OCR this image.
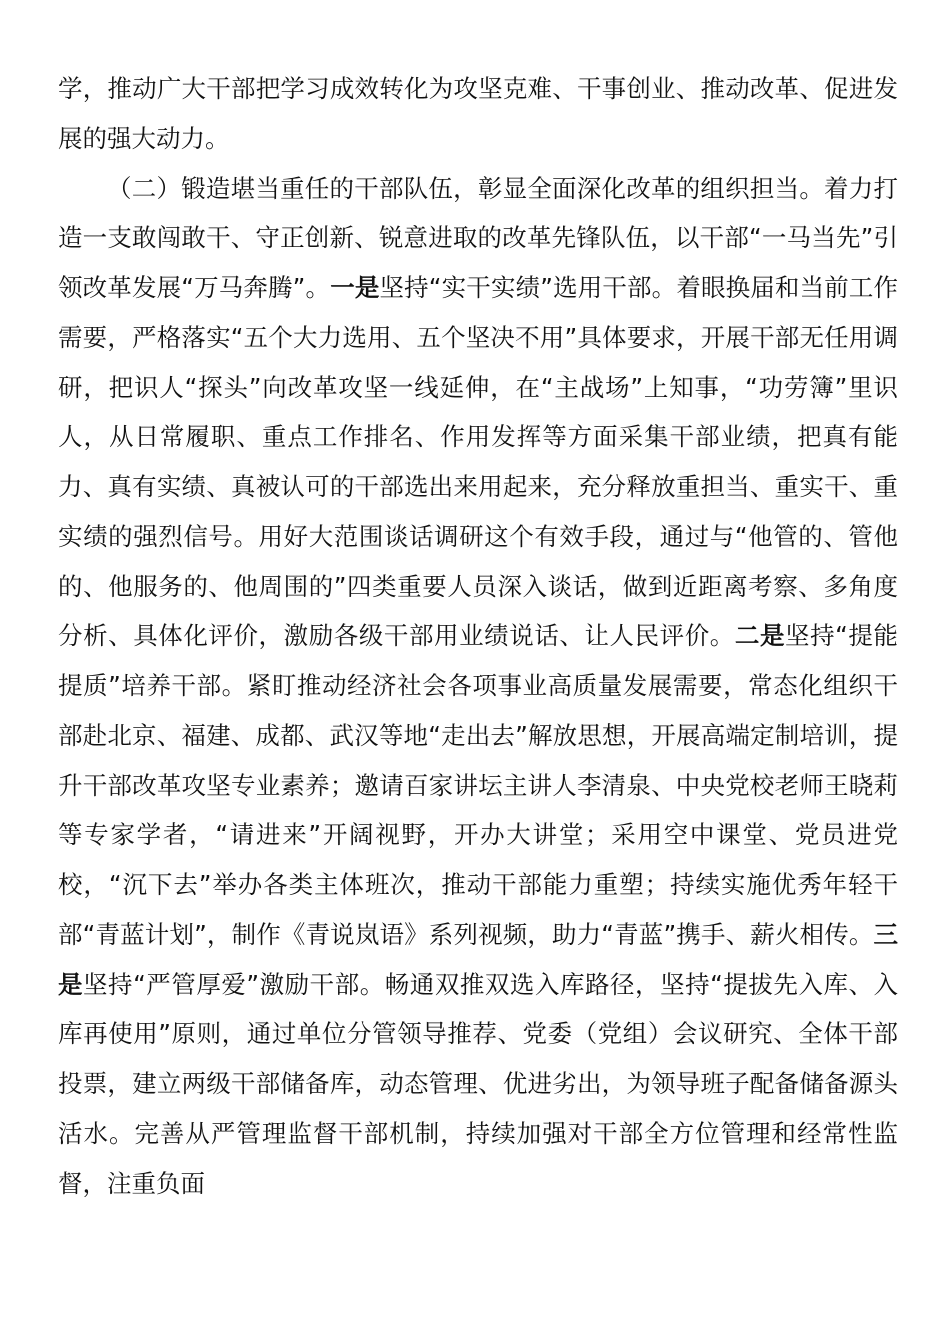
学，推动广大干部把学习成效转化为攻坚克难、干事创业、推动改革、促进发展的强大动力。

（二）锻造堪当重任的干部队伍，彰显全面深化改革的组织担当。着力打造一支敢闯敢干、守正创新、锐意进取的改革先锋队伍，以干部“一马当先”引领改革发展“万马奔腾”。一是坚持“实干实绩”选用干部。着眼换届和当前工作需要，严格落实“五个大力选用、五个坚决不用”具体要求，开展干部无任用调研，把识人“探头”向改革攻坚一线延伸，在“主战场”上知事，“功劳簿”里识人，从日常履职、重点工作排名、作用发挥等方面采集干部业绩，把真有能力、真有实绩、真被认可的干部选出来用起来，充分释放重担当、重实干、重实绩的强烈信号。用好大范围谈话调研这个有效手段，通过与“他管的、管他的、他服务的、他周围的”四类重要人员深入谈话，做到近距离考察、多角度分析、具体化评价，激励各级干部用业绩说话、让人民评价。二是坚持“提能提质”培养干部。紧盯推动经济社会各项事业高质量发展需要，常态化组织干部赴北京、福建、成都、武汉等地“走出去”解放思想，开展高端定制培训，提升干部改革攻坚专业素养；邀请百家讲坛主讲人李清泉、中央党校老师王晓莉等专家学者，“请进来”开阔视野，开办大讲堂；采用空中课堂、党员进党校，“沉下去”举办各类主体班次，推动干部能力重塑；持续实施优秀年轻干部“青蓝计划”，制作《青说岚语》系列视频，助力“青蓝”携手、薪火相传。三是坚持“严管厚爱”激励干部。畅通双推双选入库路径，坚持“提拔先入库、入库再使用”原则，通过单位分管领导推荐、党委（党组）会议研究、全体干部投票，建立两级干部储备库，动态管理、优进劣出，为领导班子配备储备源头活水。完善从严管理监督干部机制，持续加强对干部全方位管理和经常性监督，注重负面
